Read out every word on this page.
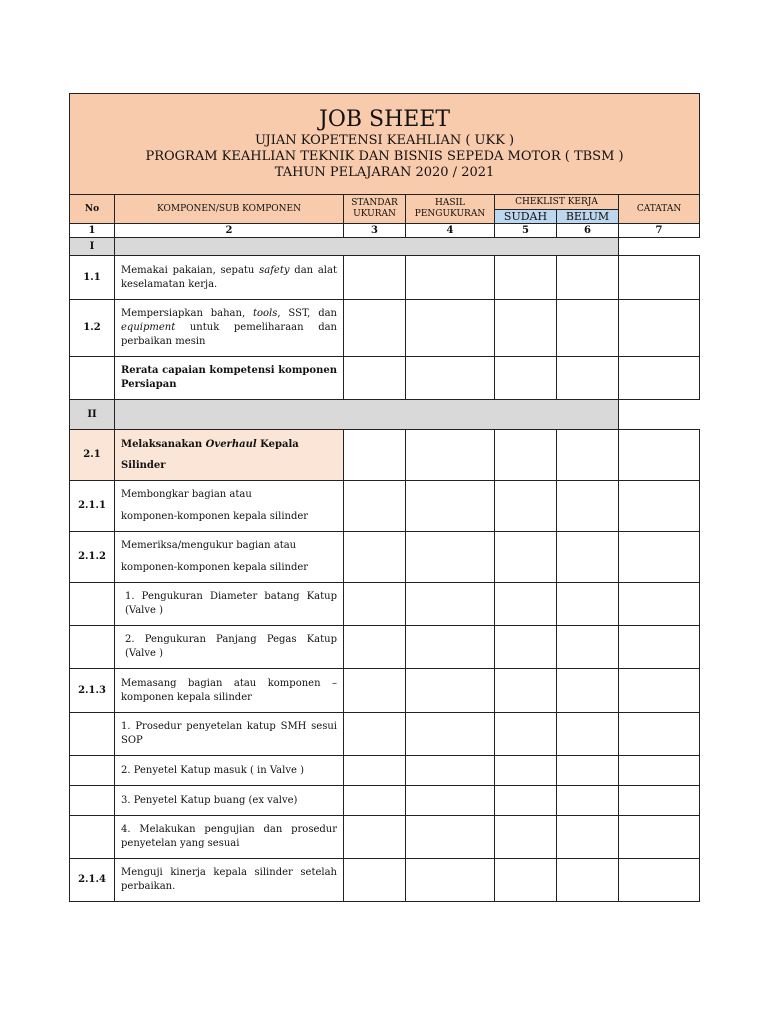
JOB SHEET
UJIAN KOPETENSI KEAHLIAN ( UKK )
PROGRAM KEAHLIAN TEKNIK DAN BISNIS SEPEDA MOTOR ( TBSM )
TAHUN PELAJARAN 2020 / 2021						

No	KOMPONEN/SUB KOMPONEN	STANDAR UKURAN	HASIL PENGUKURAN	CHEKLIST KERJA		CATATAN
				SUDAH	BELUM	
1	2	3	4	5	6	7
I						
1.1	Memakai pakaian, sepatu safety dan alat keselamatan kerja.					
1.2	Mempersiapkan bahan, tools, SST, dan equipment untuk pemeliharaan dan perbaikan mesin					
	Rerata capaian kompetensi komponen Persiapan					
II						
2.1	Melaksanakan Overhaul Kepala
Silinder					
2.1.1	Membongkar bagian atau
komponen-komponen kepala silinder					
2.1.2	Memeriksa/mengukur bagian atau
komponen-komponen kepala silinder					
	1. Pengukuran Diameter batang Katup (Valve )					
	2. Pengukuran Panjang Pegas Katup (Valve )					
2.1.3	Memasang bagian atau komponen – komponen kepala silinder					
	1. Prosedur penyetelan katup SMH sesui SOP					
	2. Penyetel Katup masuk ( in Valve )					
	3. Penyetel Katup buang (ex valve)					
	4. Melakukan pengujian dan prosedur penyetelan yang sesuai					
2.1.4	Menguji kinerja kepala silinder setelah perbaikan.					
